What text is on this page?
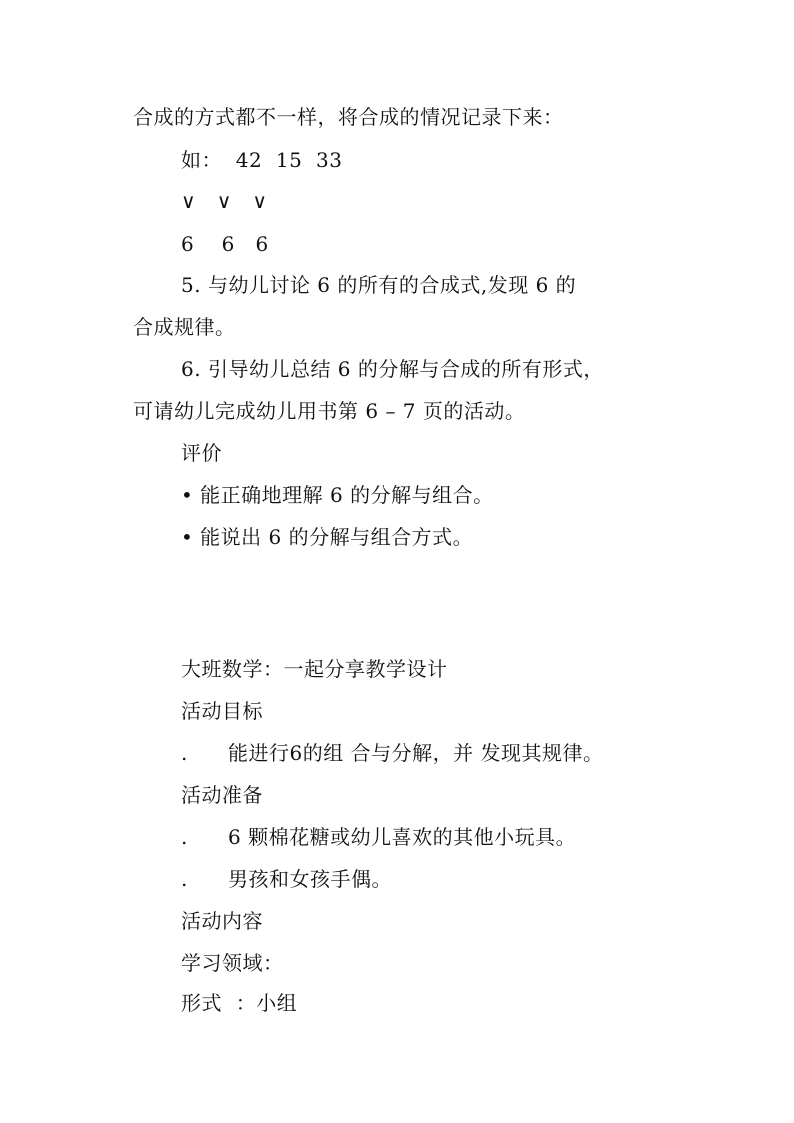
合成的方式都不一样，将合成的情况记录下来：
如：  42  15  33
∨   ∨   ∨
6    6   6
5. 与幼儿讨论 6 的所有的合成式,发现 6 的
合成规律。
6. 引导幼儿总结 6 的分解与合成的所有形式，
可请幼儿完成幼儿用书第 6 – 7 页的活动。
评价
• 能正确地理解 6 的分解与组合。
• 能说出 6 的分解与组合方式。
大班数学：一起分享教学设计
活动目标
. 能进行6的组 合与分解，并 发现其规律。
活动准备
. 6 颗棉花糖或幼儿喜欢的其他小玩具。
. 男孩和女孩手偶。
活动内容
学习领域：
形式  ：小组
